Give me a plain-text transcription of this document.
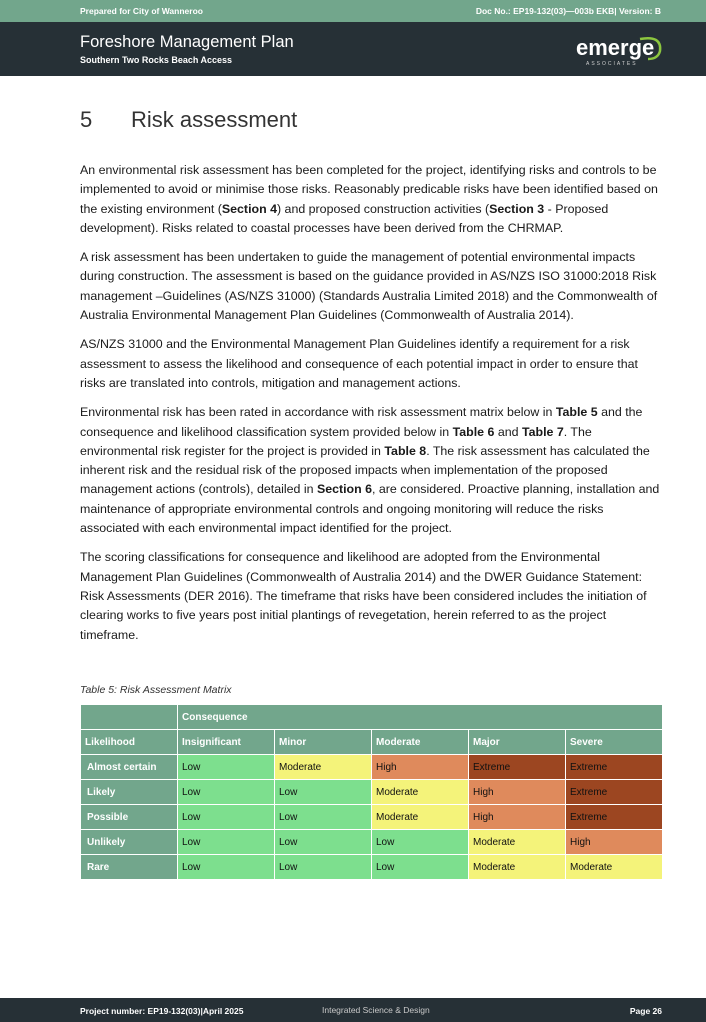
Prepared for City of Wanneroo	Doc No.: EP19-132(03)—003b EKB| Version: B
Foreshore Management Plan
Southern Two Rocks Beach Access	emerge
ASSOCIATES
5 Risk assessment

An environmental risk assessment has been completed for the project, identifying risks and controls to be implemented to avoid or minimise those risks. Reasonably predicable risks have been identified based on the existing environment (Section 4) and proposed construction activities (Section 3 - Proposed development). Risks related to coastal processes have been derived from the CHRMAP.

A risk assessment has been undertaken to guide the management of potential environmental impacts during construction. The assessment is based on the guidance provided in AS/NZS ISO 31000:2018 Risk management –Guidelines (AS/NZS 31000) (Standards Australia Limited 2018) and the Commonwealth of Australia Environmental Management Plan Guidelines (Commonwealth of Australia 2014).

AS/NZS 31000 and the Environmental Management Plan Guidelines identify a requirement for a risk assessment to assess the likelihood and consequence of each potential impact in order to ensure that risks are translated into controls, mitigation and management actions.

Environmental risk has been rated in accordance with risk assessment matrix below in Table 5 and the consequence and likelihood classification system provided below in Table 6 and Table 7. The environmental risk register for the project is provided in Table 8. The risk assessment has calculated the inherent risk and the residual risk of the proposed impacts when implementation of the proposed management actions (controls), detailed in Section 6, are considered. Proactive planning, installation and maintenance of appropriate environmental controls and ongoing monitoring will reduce the risks associated with each environmental impact identified for the project.

The scoring classifications for consequence and likelihood are adopted from the Environmental Management Plan Guidelines (Commonwealth of Australia 2014) and the DWER Guidance Statement: Risk Assessments (DER 2016). The timeframe that risks have been considered includes the initiation of clearing works to five years post initial plantings of revegetation, herein referred to as the project timeframe.

Table 5: Risk Assessment Matrix
	Consequence				
Likelihood	Insignificant	Minor	Moderate	Major	Severe
Almost certain	Low	Moderate	High	Extreme	Extreme
Likely	Low	Low	Moderate	High	Extreme
Possible	Low	Low	Moderate	High	Extreme
Unlikely	Low	Low	Low	Moderate	High
Rare	Low	Low	Low	Moderate	Moderate
Project number: EP19-132(03)|April 2025	Integrated Science & Design	Page 26
